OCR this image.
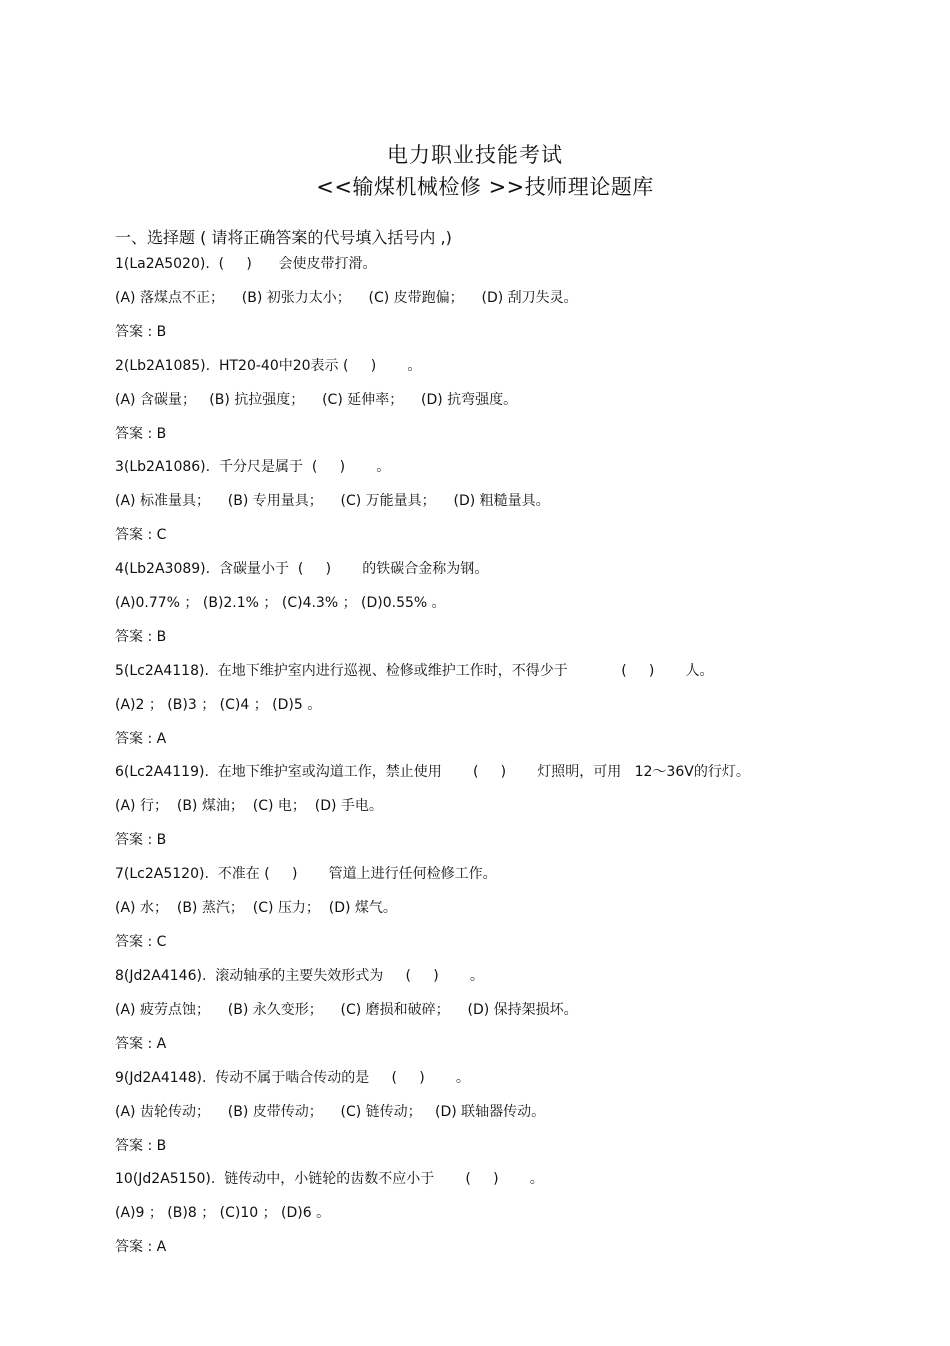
电力职业技能考试
<<输煤机械检修 >>技师理论题库
一、选择题 ( 请将正确答案的代号填入括号内 ,)
1(La2A5020).  (     )      会使皮带打滑。
(A) 落煤点不正；    (B) 初张力太小；    (C) 皮带跑偏；    (D) 刮刀失灵。
答案 : B
2(Lb2A1085).  HT20-40中20表示 (     )       。
(A) 含碳量；   (B) 抗拉强度；    (C) 延伸率；    (D) 抗弯强度。
答案 : B
3(Lb2A1086).  千分尺是属于  (     )       。
(A) 标准量具；    (B) 专用量具；    (C) 万能量具；    (D) 粗糙量具。
答案 : C
4(Lb2A3089).  含碳量小于  (     )       的铁碳合金称为钢。
(A)0.77% ； (B)2.1% ； (C)4.3% ； (D)0.55% 。
答案 : B
5(Lc2A4118).  在地下维护室内进行巡视、检修或维护工作时，不得少于            (     )       人。
(A)2 ； (B)3 ； (C)4 ； (D)5 。
答案 : A
6(Lc2A4119).  在地下维护室或沟道工作，禁止使用       (     )       灯照明，可用   12～36V的行灯。
(A) 行；  (B) 煤油；  (C) 电；  (D) 手电。
答案 : B
7(Lc2A5120).  不准在 (     )       管道上进行任何检修工作。
(A) 水；  (B) 蒸汽；  (C) 压力；  (D) 煤气。
答案 : C
8(Jd2A4146).  滚动轴承的主要失效形式为     (     )       。
(A) 疲劳点蚀；    (B) 永久变形；    (C) 磨损和破碎；    (D) 保持架损坏。
答案 : A
9(Jd2A4148).  传动不属于啮合传动的是     (     )       。
(A) 齿轮传动；    (B) 皮带传动；    (C) 链传动；   (D) 联轴器传动。
答案 : B
10(Jd2A5150).  链传动中，小链轮的齿数不应小于       (     )       。
(A)9 ； (B)8 ； (C)10 ； (D)6 。
答案 : A
